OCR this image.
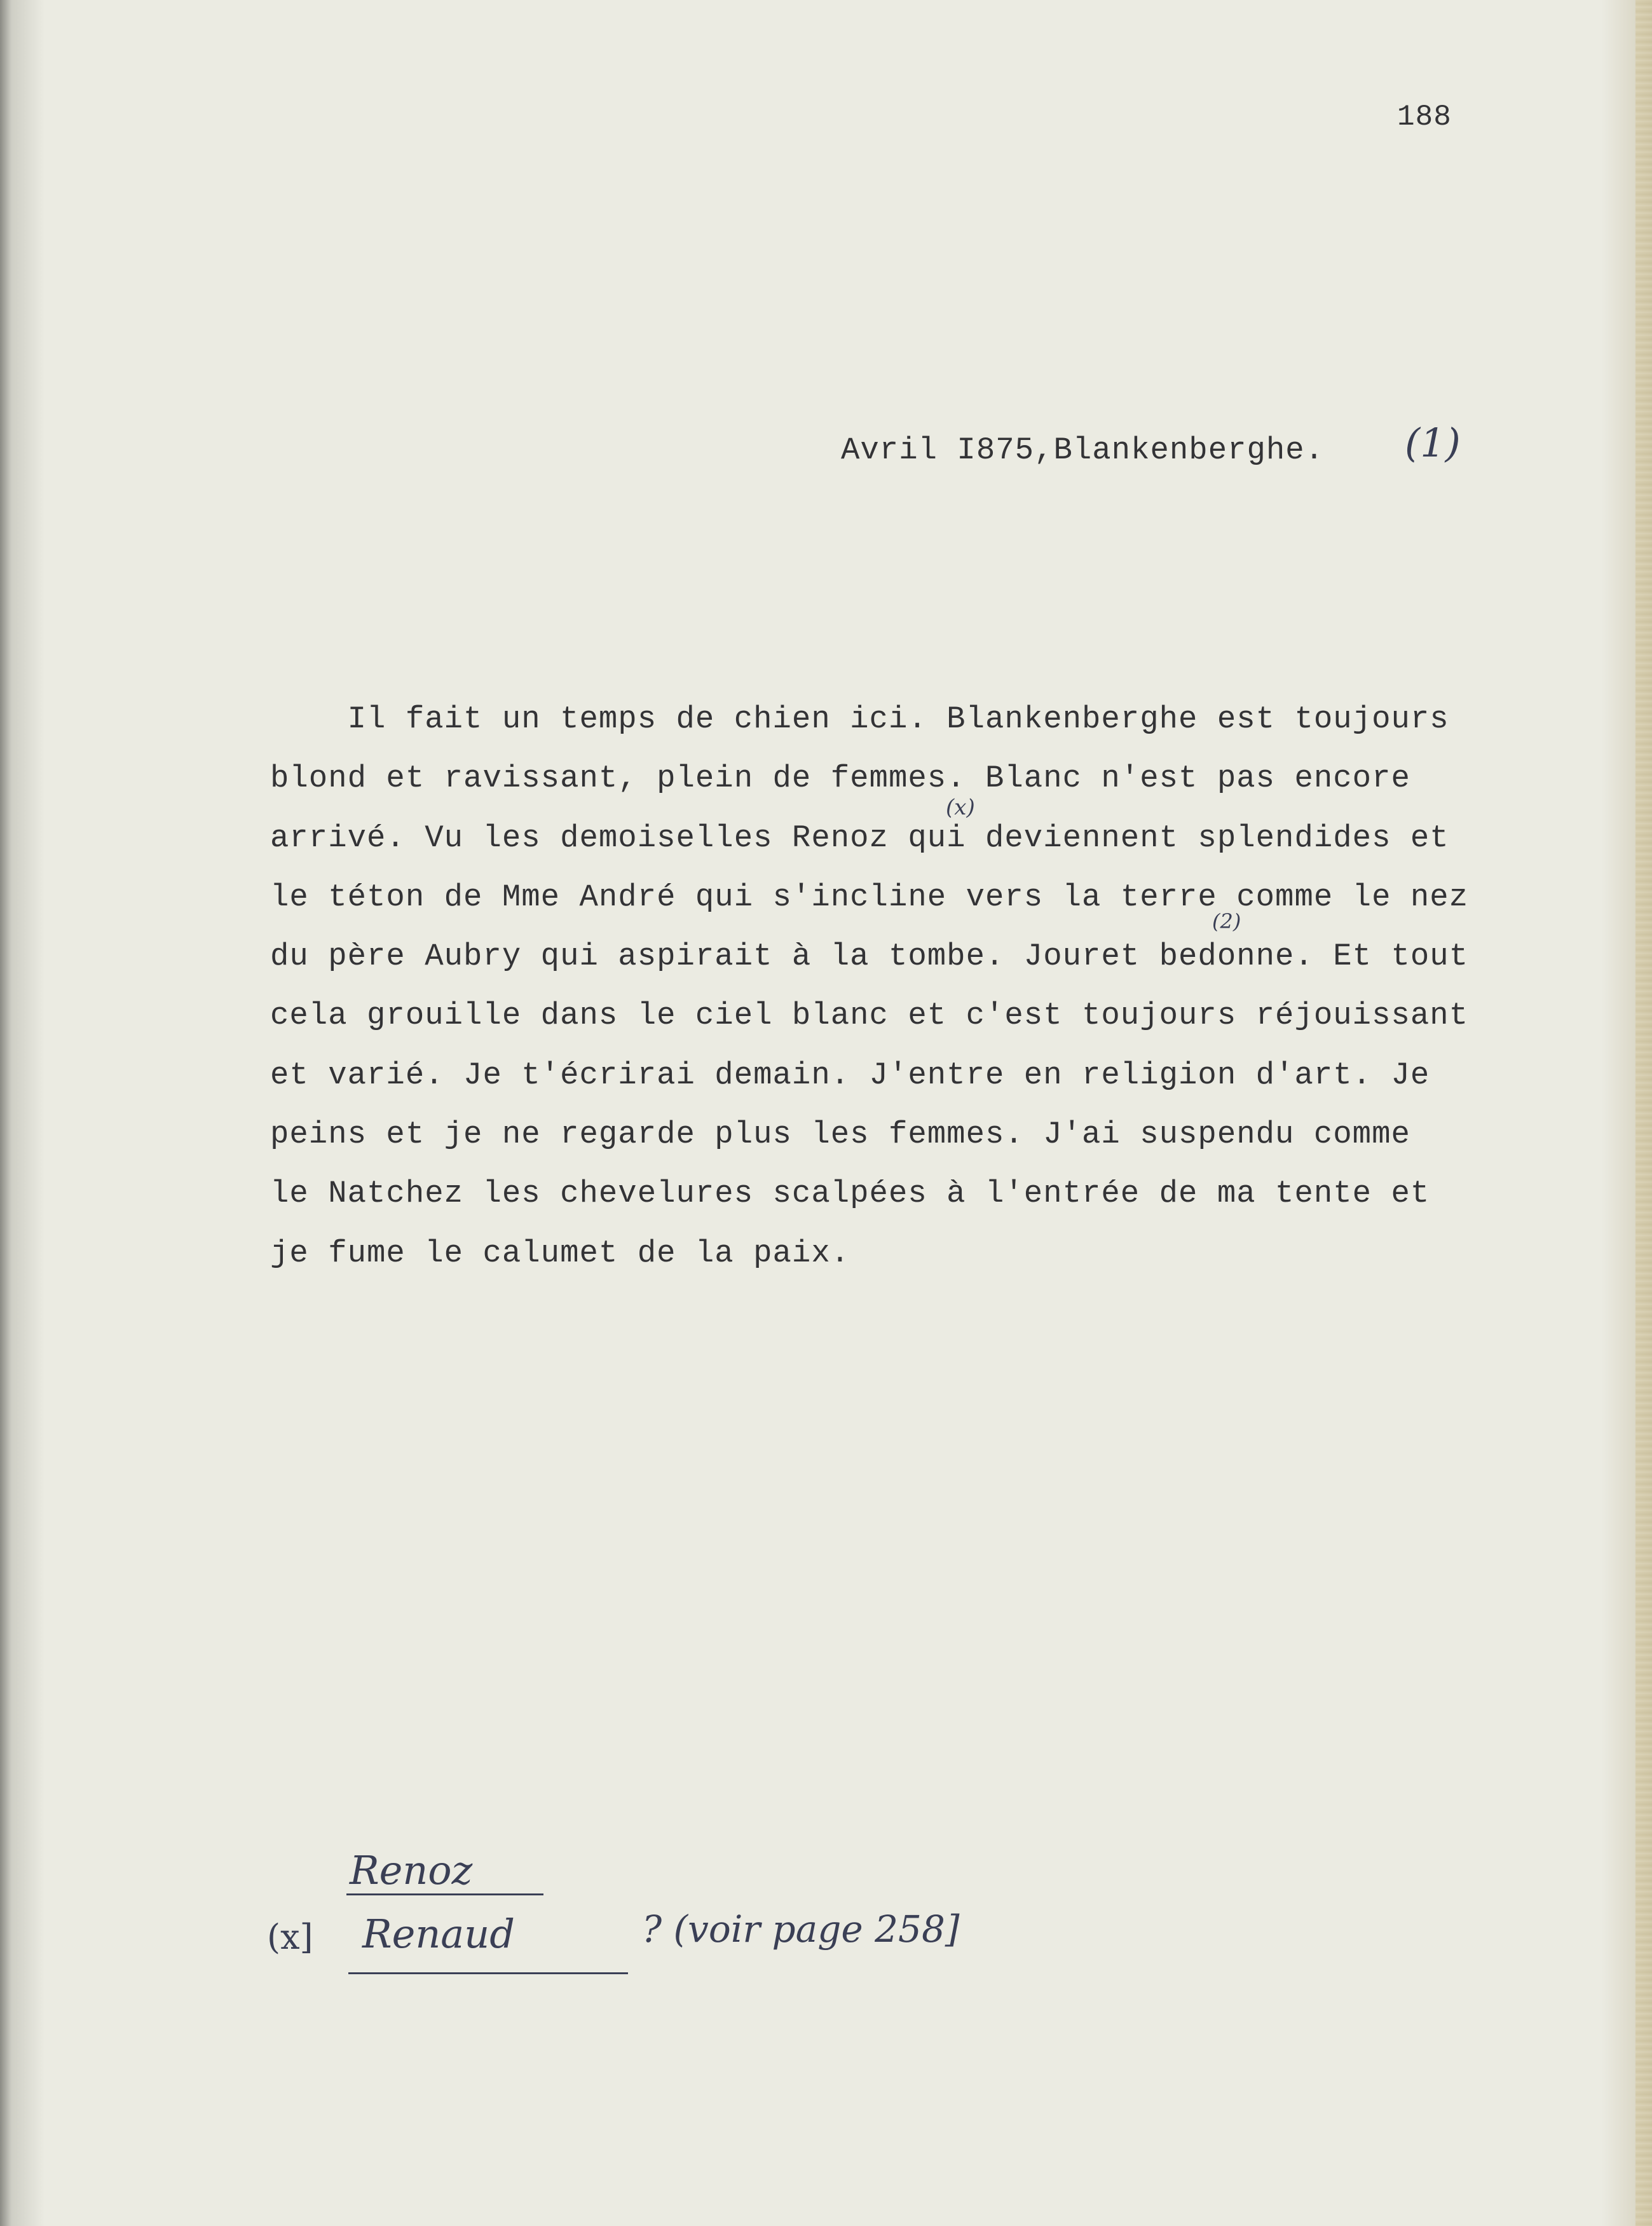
188
Avril I875,Blankenberghe. (1)
Il fait un temps de chien ici. Blankenberghe est toujours
blond et ravissant, plein de femmes. Blanc n'est pas encore
arrivé. Vu les demoiselles Renoz qui deviennent splendides et
le téton de Mme André qui s'incline vers la terre comme le nez
du père Aubry qui aspirait à la tombe. Jouret bedonne. Et tout
cela grouille dans le ciel blanc et c'est toujours réjouissant
et varié. Je t'écrirai demain. J'entre en religion d'art. Je
peins et je ne regarde plus les femmes. J'ai suspendu comme
le Natchez les chevelures scalpées à l'entrée de ma tente et
je fume le calumet de la paix.
(x)
(2)
Renoz
(x] Renaud	? (voir page 258]
